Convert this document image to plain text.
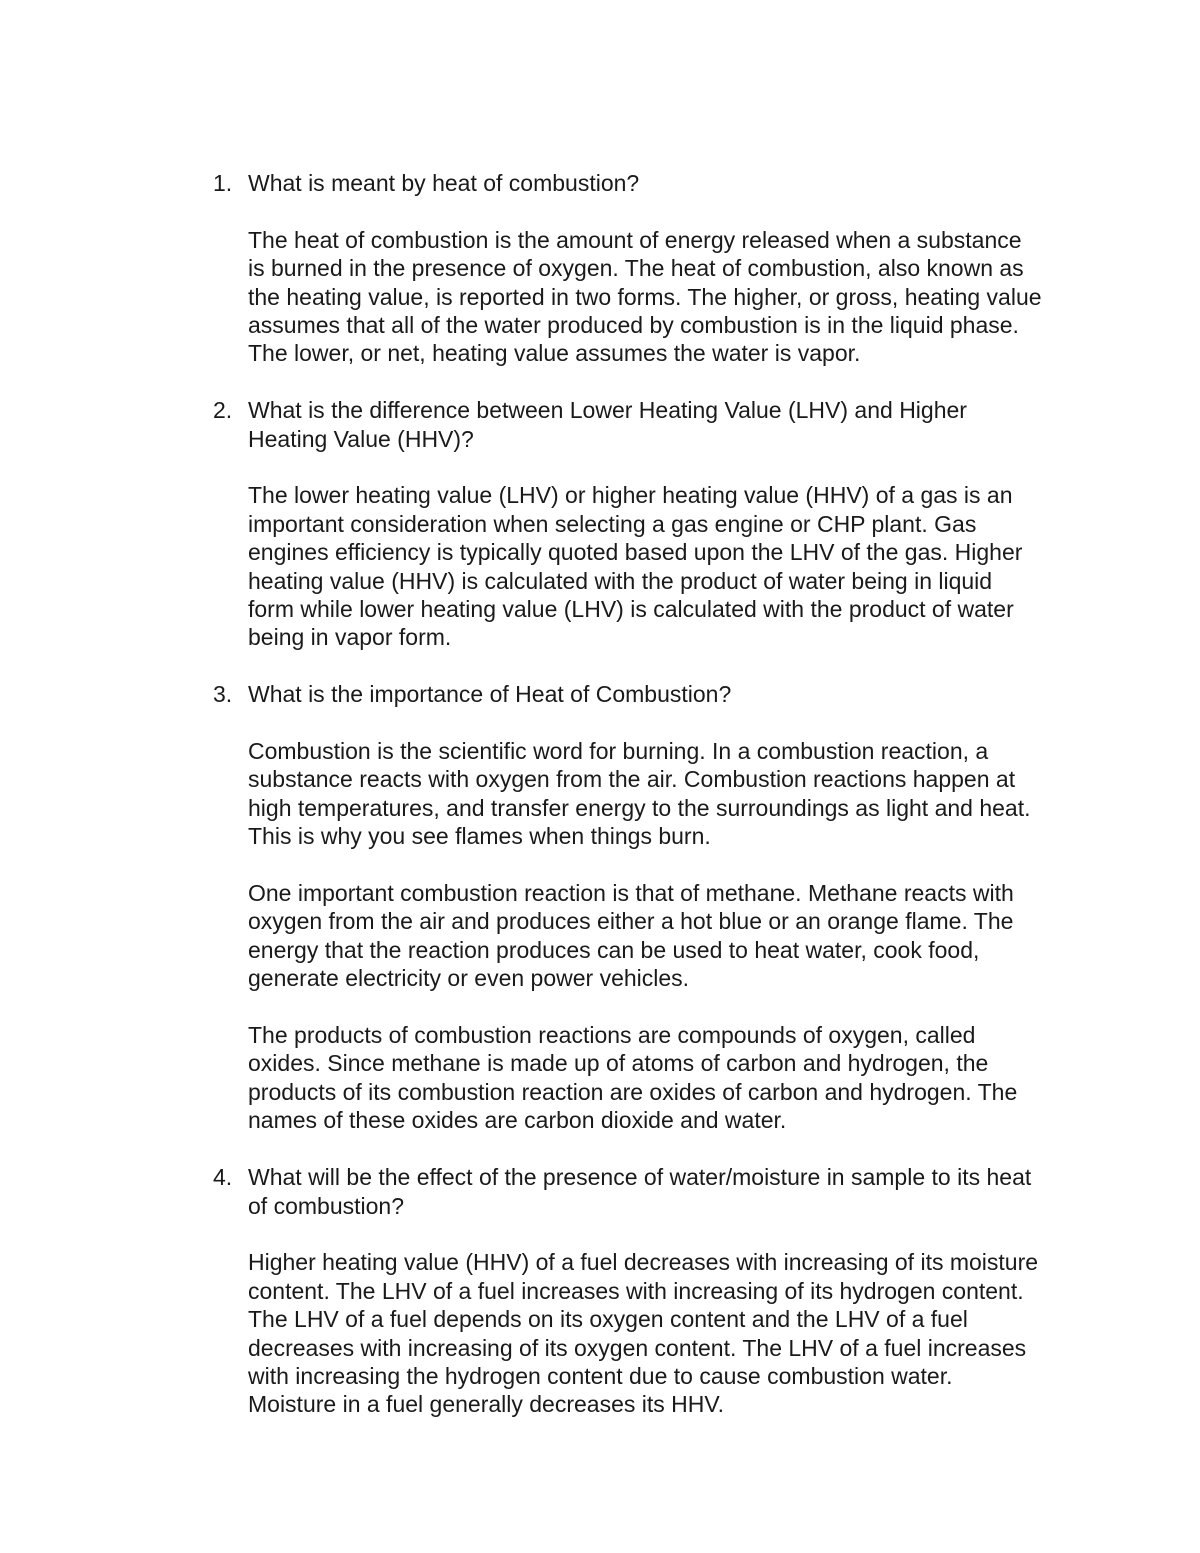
1. What is meant by heat of combustion?
The heat of combustion is the amount of energy released when a substance
is burned in the presence of oxygen. The heat of combustion, also known as
the heating value, is reported in two forms. The higher, or gross, heating value
assumes that all of the water produced by combustion is in the liquid phase.
The lower, or net, heating value assumes the water is vapor.
2. What is the difference between Lower Heating Value (LHV) and Higher
Heating Value (HHV)?
The lower heating value (LHV) or higher heating value (HHV) of a gas is an
important consideration when selecting a gas engine or CHP plant. Gas
engines efficiency is typically quoted based upon the LHV of the gas. Higher
heating value (HHV) is calculated with the product of water being in liquid
form while lower heating value (LHV) is calculated with the product of water
being in vapor form.
3. What is the importance of Heat of Combustion?
Combustion is the scientific word for burning. In a combustion reaction, a
substance reacts with oxygen from the air. Combustion reactions happen at
high temperatures, and transfer energy to the surroundings as light and heat.
This is why you see flames when things burn.
One important combustion reaction is that of methane. Methane reacts with
oxygen from the air and produces either a hot blue or an orange flame. The
energy that the reaction produces can be used to heat water, cook food,
generate electricity or even power vehicles.
The products of combustion reactions are compounds of oxygen, called
oxides. Since methane is made up of atoms of carbon and hydrogen, the
products of its combustion reaction are oxides of carbon and hydrogen. The
names of these oxides are carbon dioxide and water.
4. What will be the effect of the presence of water/moisture in sample to its heat
of combustion?
Higher heating value (HHV) of a fuel decreases with increasing of its moisture
content. The LHV of a fuel increases with increasing of its hydrogen content.
The LHV of a fuel depends on its oxygen content and the LHV of a fuel
decreases with increasing of its oxygen content. The LHV of a fuel increases
with increasing the hydrogen content due to cause combustion water.
Moisture in a fuel generally decreases its HHV.
